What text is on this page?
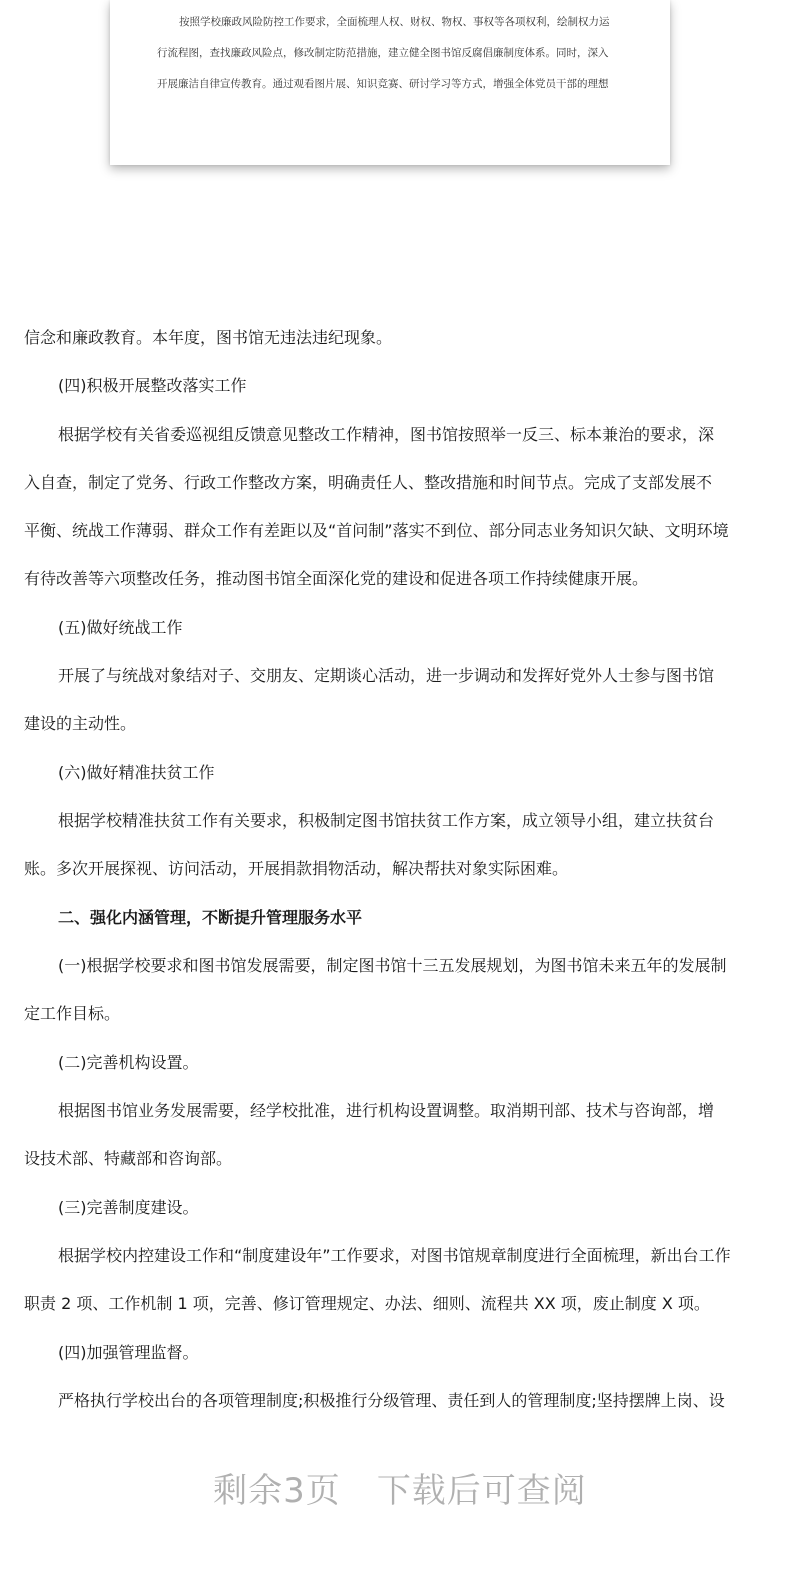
按照学校廉政风险防控工作要求，全面梳理人权、财权、物权、事权等各项权利，绘制权力运
行流程图，查找廉政风险点，修改制定防范措施，建立健全图书馆反腐倡廉制度体系。同时，深入
开展廉洁自律宣传教育。通过观看图片展、知识竞赛、研讨学习等方式，增强全体党员干部的理想
信念和廉政教育。本年度，图书馆无违法违纪现象。
(四)积极开展整改落实工作
根据学校有关省委巡视组反馈意见整改工作精神，图书馆按照举一反三、标本兼治的要求，深
入自查，制定了党务、行政工作整改方案，明确责任人、整改措施和时间节点。完成了支部发展不
平衡、统战工作薄弱、群众工作有差距以及“首问制”落实不到位、部分同志业务知识欠缺、文明环境
有待改善等六项整改任务，推动图书馆全面深化党的建设和促进各项工作持续健康开展。
(五)做好统战工作
开展了与统战对象结对子、交朋友、定期谈心活动，进一步调动和发挥好党外人士参与图书馆
建设的主动性。
(六)做好精准扶贫工作
根据学校精准扶贫工作有关要求，积极制定图书馆扶贫工作方案，成立领导小组，建立扶贫台
账。多次开展探视、访问活动，开展捐款捐物活动，解决帮扶对象实际困难。
二、强化内涵管理，不断提升管理服务水平
(一)根据学校要求和图书馆发展需要，制定图书馆十三五发展规划，为图书馆未来五年的发展制
定工作目标。
(二)完善机构设置。
根据图书馆业务发展需要，经学校批准，进行机构设置调整。取消期刊部、技术与咨询部，增
设技术部、特藏部和咨询部。
(三)完善制度建设。
根据学校内控建设工作和“制度建设年”工作要求，对图书馆规章制度进行全面梳理，新出台工作
职责 2 项、工作机制 1 项，完善、修订管理规定、办法、细则、流程共 XX 项，废止制度 X 项。
(四)加强管理监督。
严格执行学校出台的各项管理制度;积极推行分级管理、责任到人的管理制度;坚持摆牌上岗、设
剩余3页 下载后可查阅
